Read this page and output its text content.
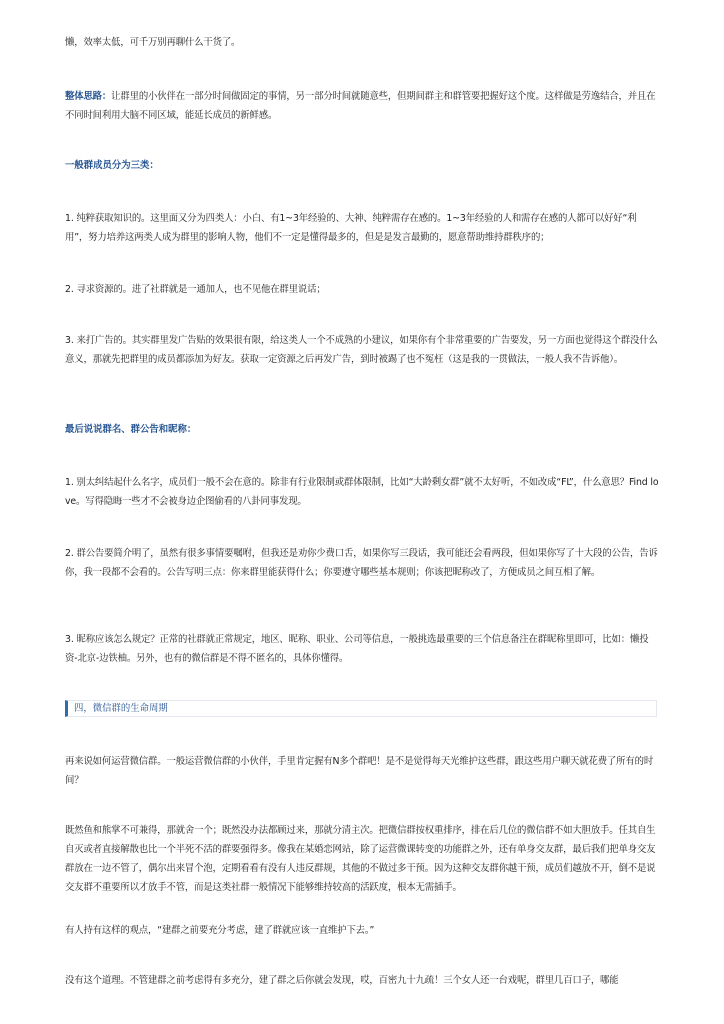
懒，效率太低，可千万别再聊什么干货了。

整体思路：让群里的小伙伴在一部分时间做固定的事情，另一部分时间就随意些，但期间群主和群管要把握好这个度。这样做是劳逸结合，并且在不同时间利用大脑不同区域，能延长成员的新鲜感。

一般群成员分为三类：

1. 纯粹获取知识的。这里面又分为四类人：小白、有1~3年经验的、大神、纯粹需存在感的。1~3年经验的人和需存在感的人都可以好好“利用”，努力培养这两类人成为群里的影响人物，他们不一定是懂得最多的，但是是发言最勤的，愿意帮助维持群秩序的；

2. 寻求资源的。进了社群就是一通加人，也不见他在群里说话；

3. 来打广告的。其实群里发广告贴的效果很有限，给这类人一个不成熟的小建议，如果你有个非常重要的广告要发，另一方面也觉得这个群没什么意义，那就先把群里的成员都添加为好友。获取一定资源之后再发广告，到时被踢了也不冤枉（这是我的一贯做法，一般人我不告诉他）。

最后说说群名、群公告和昵称：

1. 别太纠结起什么名字，成员们一般不会在意的。除非有行业限制或群体限制，比如“大龄剩女群”就不太好听，不如改成“FL”，什么意思？Find love。写得隐晦一些才不会被身边企图偷看的八卦同事发现。

2. 群公告要简介明了，虽然有很多事情要嘱咐，但我还是劝你少费口舌，如果你写三段话，我可能还会看两段，但如果你写了十大段的公告，告诉你，我一段都不会看的。公告写明三点：你来群里能获得什么；你要遵守哪些基本规则；你该把昵称改了，方便成员之间互相了解。

3. 昵称应该怎么规定？正常的社群就正常规定，地区、昵称、职业、公司等信息，一般挑选最重要的三个信息备注在群昵称里即可，比如：懒投资-北京-边铁柚。另外，也有的微信群是不得不匿名的，具体你懂得。

四，微信群的生命周期

再来说如何运营微信群。一般运营微信群的小伙伴，手里肯定握有N多个群吧！是不是觉得每天光维护这些群，跟这些用户聊天就花费了所有的时间？

既然鱼和熊掌不可兼得，那就舍一个；既然没办法都顾过来，那就分清主次。把微信群按权重排序，排在后几位的微信群不如大胆放手。任其自生自灭或者直接解散也比一个半死不活的群要强得多。像我在某婚恋网站，除了运营微课转变的功能群之外，还有单身交友群，最后我们把单身交友群放在一边不管了，偶尔出来冒个泡，定期看看有没有人违反群规，其他的不做过多干预。因为这种交友群你越干预，成员们越放不开，倒不是说交友群不重要所以才放手不管，而是这类社群一般情况下能够维持较高的活跃度，根本无需插手。

有人持有这样的观点，“建群之前要充分考虑，建了群就应该一直维护下去。”

没有这个道理。不管建群之前考虑得有多充分，建了群之后你就会发现，哎，百密九十九疏！三个女人还一台戏呢，群里几百口子，哪能
